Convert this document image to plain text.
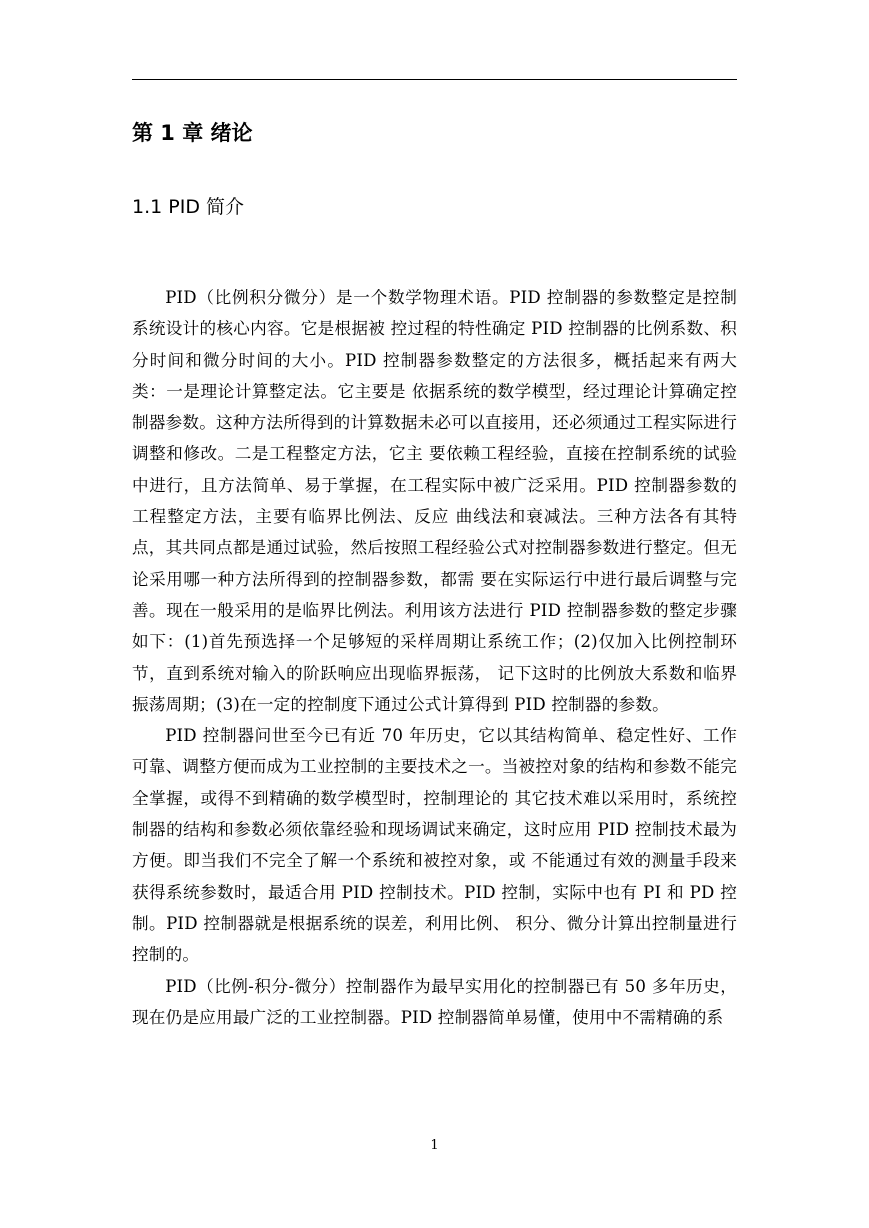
第 1 章 绪论
1.1 PID 简介

PID（比例积分微分）是一个数学物理术语。PID 控制器的参数整定是控制系统设计的核心内容。它是根据被 控过程的特性确定 PID 控制器的比例系数、积分时间和微分时间的大小。PID 控制器参数整定的方法很多，概括起来有两大类：一是理论计算整定法。它主要是 依据系统的数学模型，经过理论计算确定控制器参数。这种方法所得到的计算数据未必可以直接用，还必须通过工程实际进行调整和修改。二是工程整定方法，它主 要依赖工程经验，直接在控制系统的试验中进行，且方法简单、易于掌握，在工程实际中被广泛采用。PID 控制器参数的工程整定方法，主要有临界比例法、反应 曲线法和衰减法。三种方法各有其特点，其共同点都是通过试验，然后按照工程经验公式对控制器参数进行整定。但无论采用哪一种方法所得到的控制器参数，都需 要在实际运行中进行最后调整与完善。现在一般采用的是临界比例法。利用该方法进行 PID 控制器参数的整定步骤如下：(1)首先预选择一个足够短的采样周期让系统工作；(2)仅加入比例控制环节，直到系统对输入的阶跃响应出现临界振荡， 记下这时的比例放大系数和临界振荡周期；(3)在一定的控制度下通过公式计算得到 PID 控制器的参数。

PID 控制器问世至今已有近 70 年历史，它以其结构简单、稳定性好、工作可靠、调整方便而成为工业控制的主要技术之一。当被控对象的结构和参数不能完全掌握，或得不到精确的数学模型时，控制理论的 其它技术难以采用时，系统控制器的结构和参数必须依靠经验和现场调试来确定，这时应用 PID 控制技术最为方便。即当我们不完全了解一个系统和被控对象，或 不能通过有效的测量手段来获得系统参数时，最适合用 PID 控制技术。PID 控制，实际中也有 PI 和 PD 控制。PID 控制器就是根据系统的误差，利用比例、 积分、微分计算出控制量进行控制的。

PID（比例-积分-微分）控制器作为最早实用化的控制器已有 50 多年历史，现在仍是应用最广泛的工业控制器。PID 控制器简单易懂，使用中不需精确的系

1
